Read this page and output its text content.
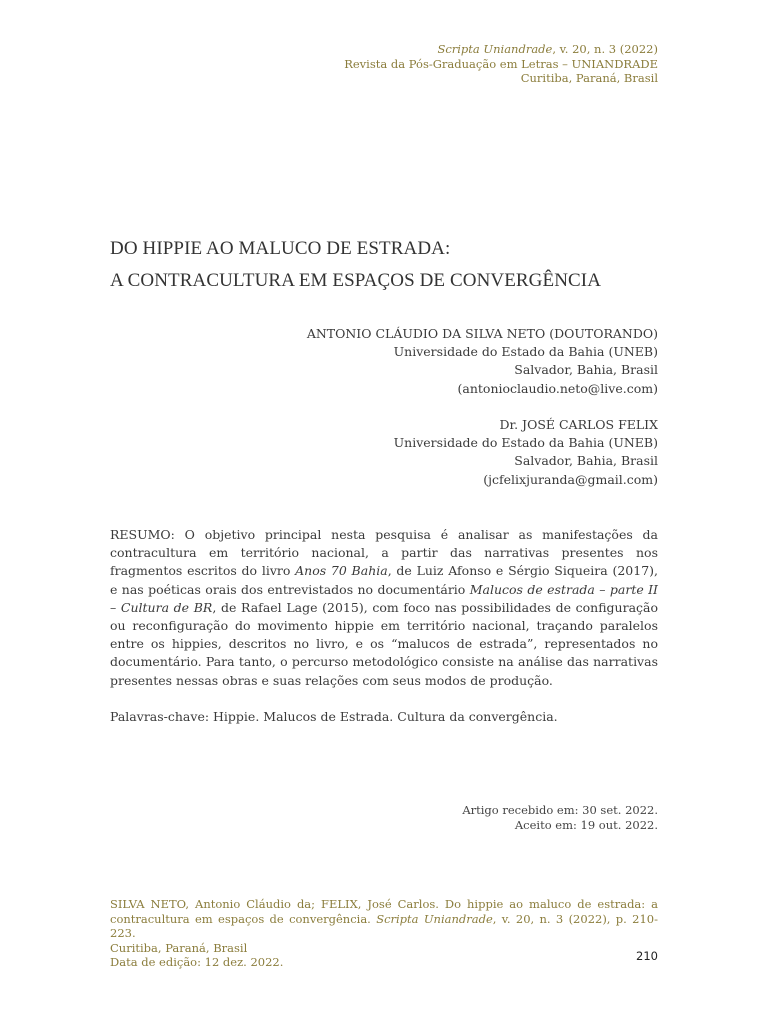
Scripta Uniandrade, v. 20, n. 3 (2022)
Revista da Pós-Graduação em Letras – UNIANDRADE
Curitiba, Paraná, Brasil
DO HIPPIE AO MALUCO DE ESTRADA:
A CONTRACULTURA EM ESPAÇOS DE CONVERGÊNCIA
ANTONIO CLÁUDIO DA SILVA NETO (DOUTORANDO)
Universidade do Estado da Bahia (UNEB)
Salvador, Bahia, Brasil
(antonioclaudio.neto@live.com)
Dr. JOSÉ CARLOS FELIX
Universidade do Estado da Bahia (UNEB)
Salvador, Bahia, Brasil
(jcfelixjuranda@gmail.com)
RESUMO: O objetivo principal nesta pesquisa é analisar as manifestações da contracultura em território nacional, a partir das narrativas presentes nos fragmentos escritos do livro Anos 70 Bahia, de Luiz Afonso e Sérgio Siqueira (2017), e nas poéticas orais dos entrevistados no documentário Malucos de estrada – parte II – Cultura de BR, de Rafael Lage (2015), com foco nas possibilidades de configuração ou reconfiguração do movimento hippie em território nacional, traçando paralelos entre os hippies, descritos no livro, e os “malucos de estrada”, representados no documentário. Para tanto, o percurso metodológico consiste na análise das narrativas presentes nessas obras e suas relações com seus modos de produção.
Palavras-chave: Hippie. Malucos de Estrada. Cultura da convergência.
Artigo recebido em: 30 set. 2022.
Aceito em: 19 out. 2022.
SILVA NETO, Antonio Cláudio da; FELIX, José Carlos. Do hippie ao maluco de estrada: a contracultura em espaços de convergência. Scripta Uniandrade, v. 20, n. 3 (2022), p. 210-223.
Curitiba, Paraná, Brasil
Data de edição: 12 dez. 2022.	210
